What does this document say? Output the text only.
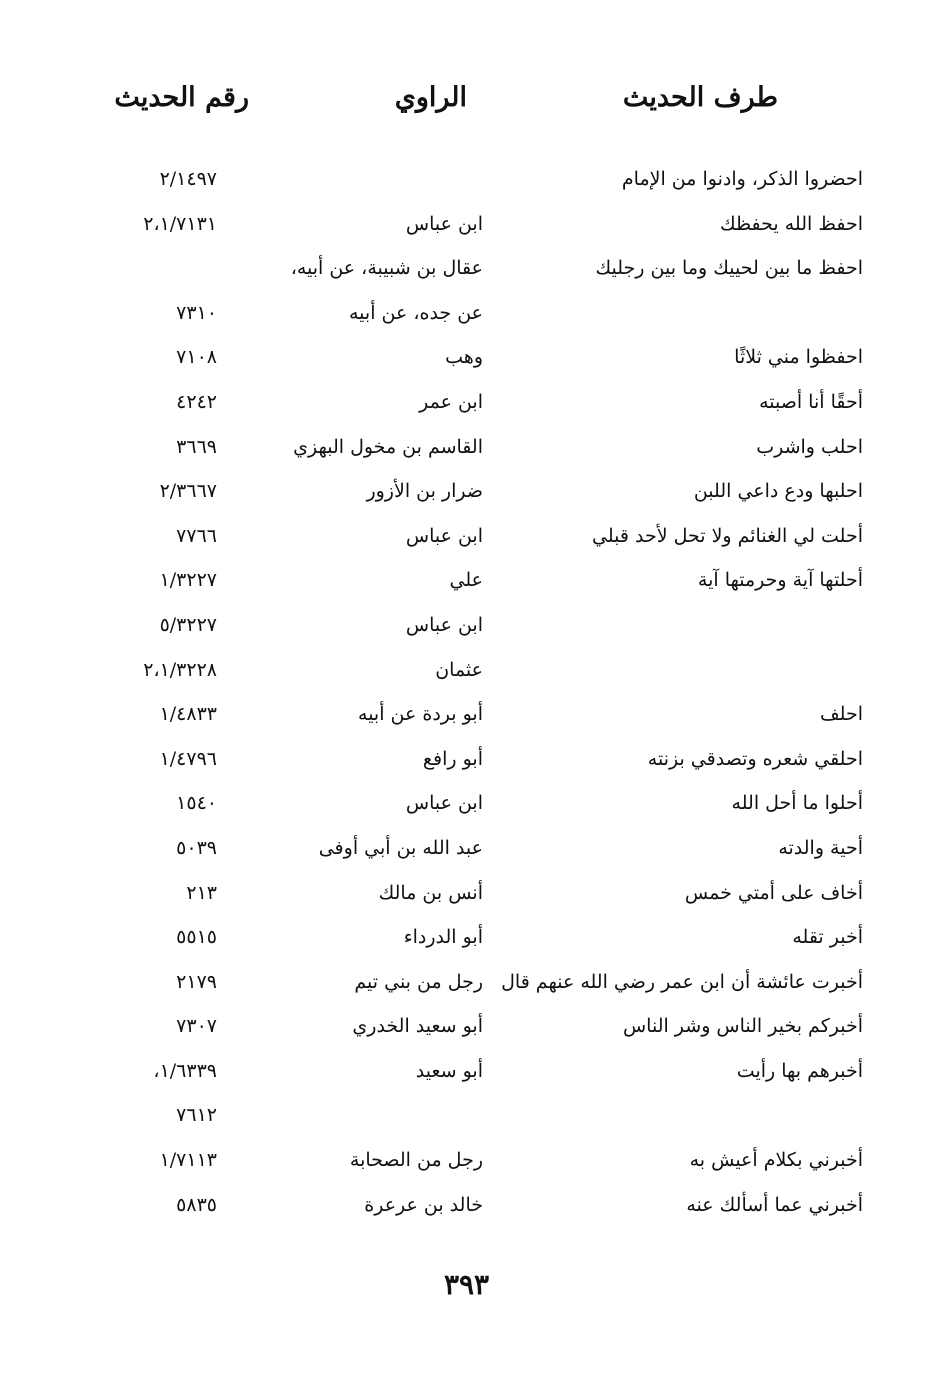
طرف الحديث
الراوي
رقم الحديث
احضروا الذكر، وادنوا من الإمام
٢/١٤٩٧
احفظ الله يحفظك
ابن عباس
٢،١/٧١٣١
احفظ ما بين لحييك وما بين رجليك
عقال بن شبيبة، عن أبيه،
عن جده، عن أبيه
٧٣١٠
احفظوا مني ثلاثًا
وهب
٧١٠٨
أحقًا أنا أصبته
ابن عمر
٤٢٤٢
احلب واشرب
القاسم بن مخول البهزي
٣٦٦٩
احلبها ودع داعي اللبن
ضرار بن الأزور
٢/٣٦٦٧
أحلت لي الغنائم ولا تحل لأحد قبلي
ابن عباس
٧٧٦٦
أحلتها آية وحرمتها آية
علي
١/٣٢٢٧
ابن عباس
٥/٣٢٢٧
عثمان
٢،١/٣٢٢٨
احلف
أبو بردة عن أبيه
١/٤٨٣٣
احلقي شعره وتصدقي بزنته
أبو رافع
١/٤٧٩٦
أحلوا ما أحل الله
ابن عباس
١٥٤٠
أحية والدته
عبد الله بن أبي أوفى
٥٠٣٩
أخاف على أمتي خمس
أنس بن مالك
٢١٣
أخبر تقله
أبو الدرداء
٥٥١٥
أخبرت عائشة أن ابن عمر رضي الله عنهم قال
رجل من بني تيم
٢١٧٩
أخبركم بخير الناس وشر الناس
أبو سعيد الخدري
٧٣٠٧
أخبرهم بها رأيت
أبو سعيد
١/٦٣٣٩،
٧٦١٢
أخبرني بكلام أعيش به
رجل من الصحابة
١/٧١١٣
أخبرني عما أسألك عنه
خالد بن عرعرة
٥٨٣٥
٣٩٣
